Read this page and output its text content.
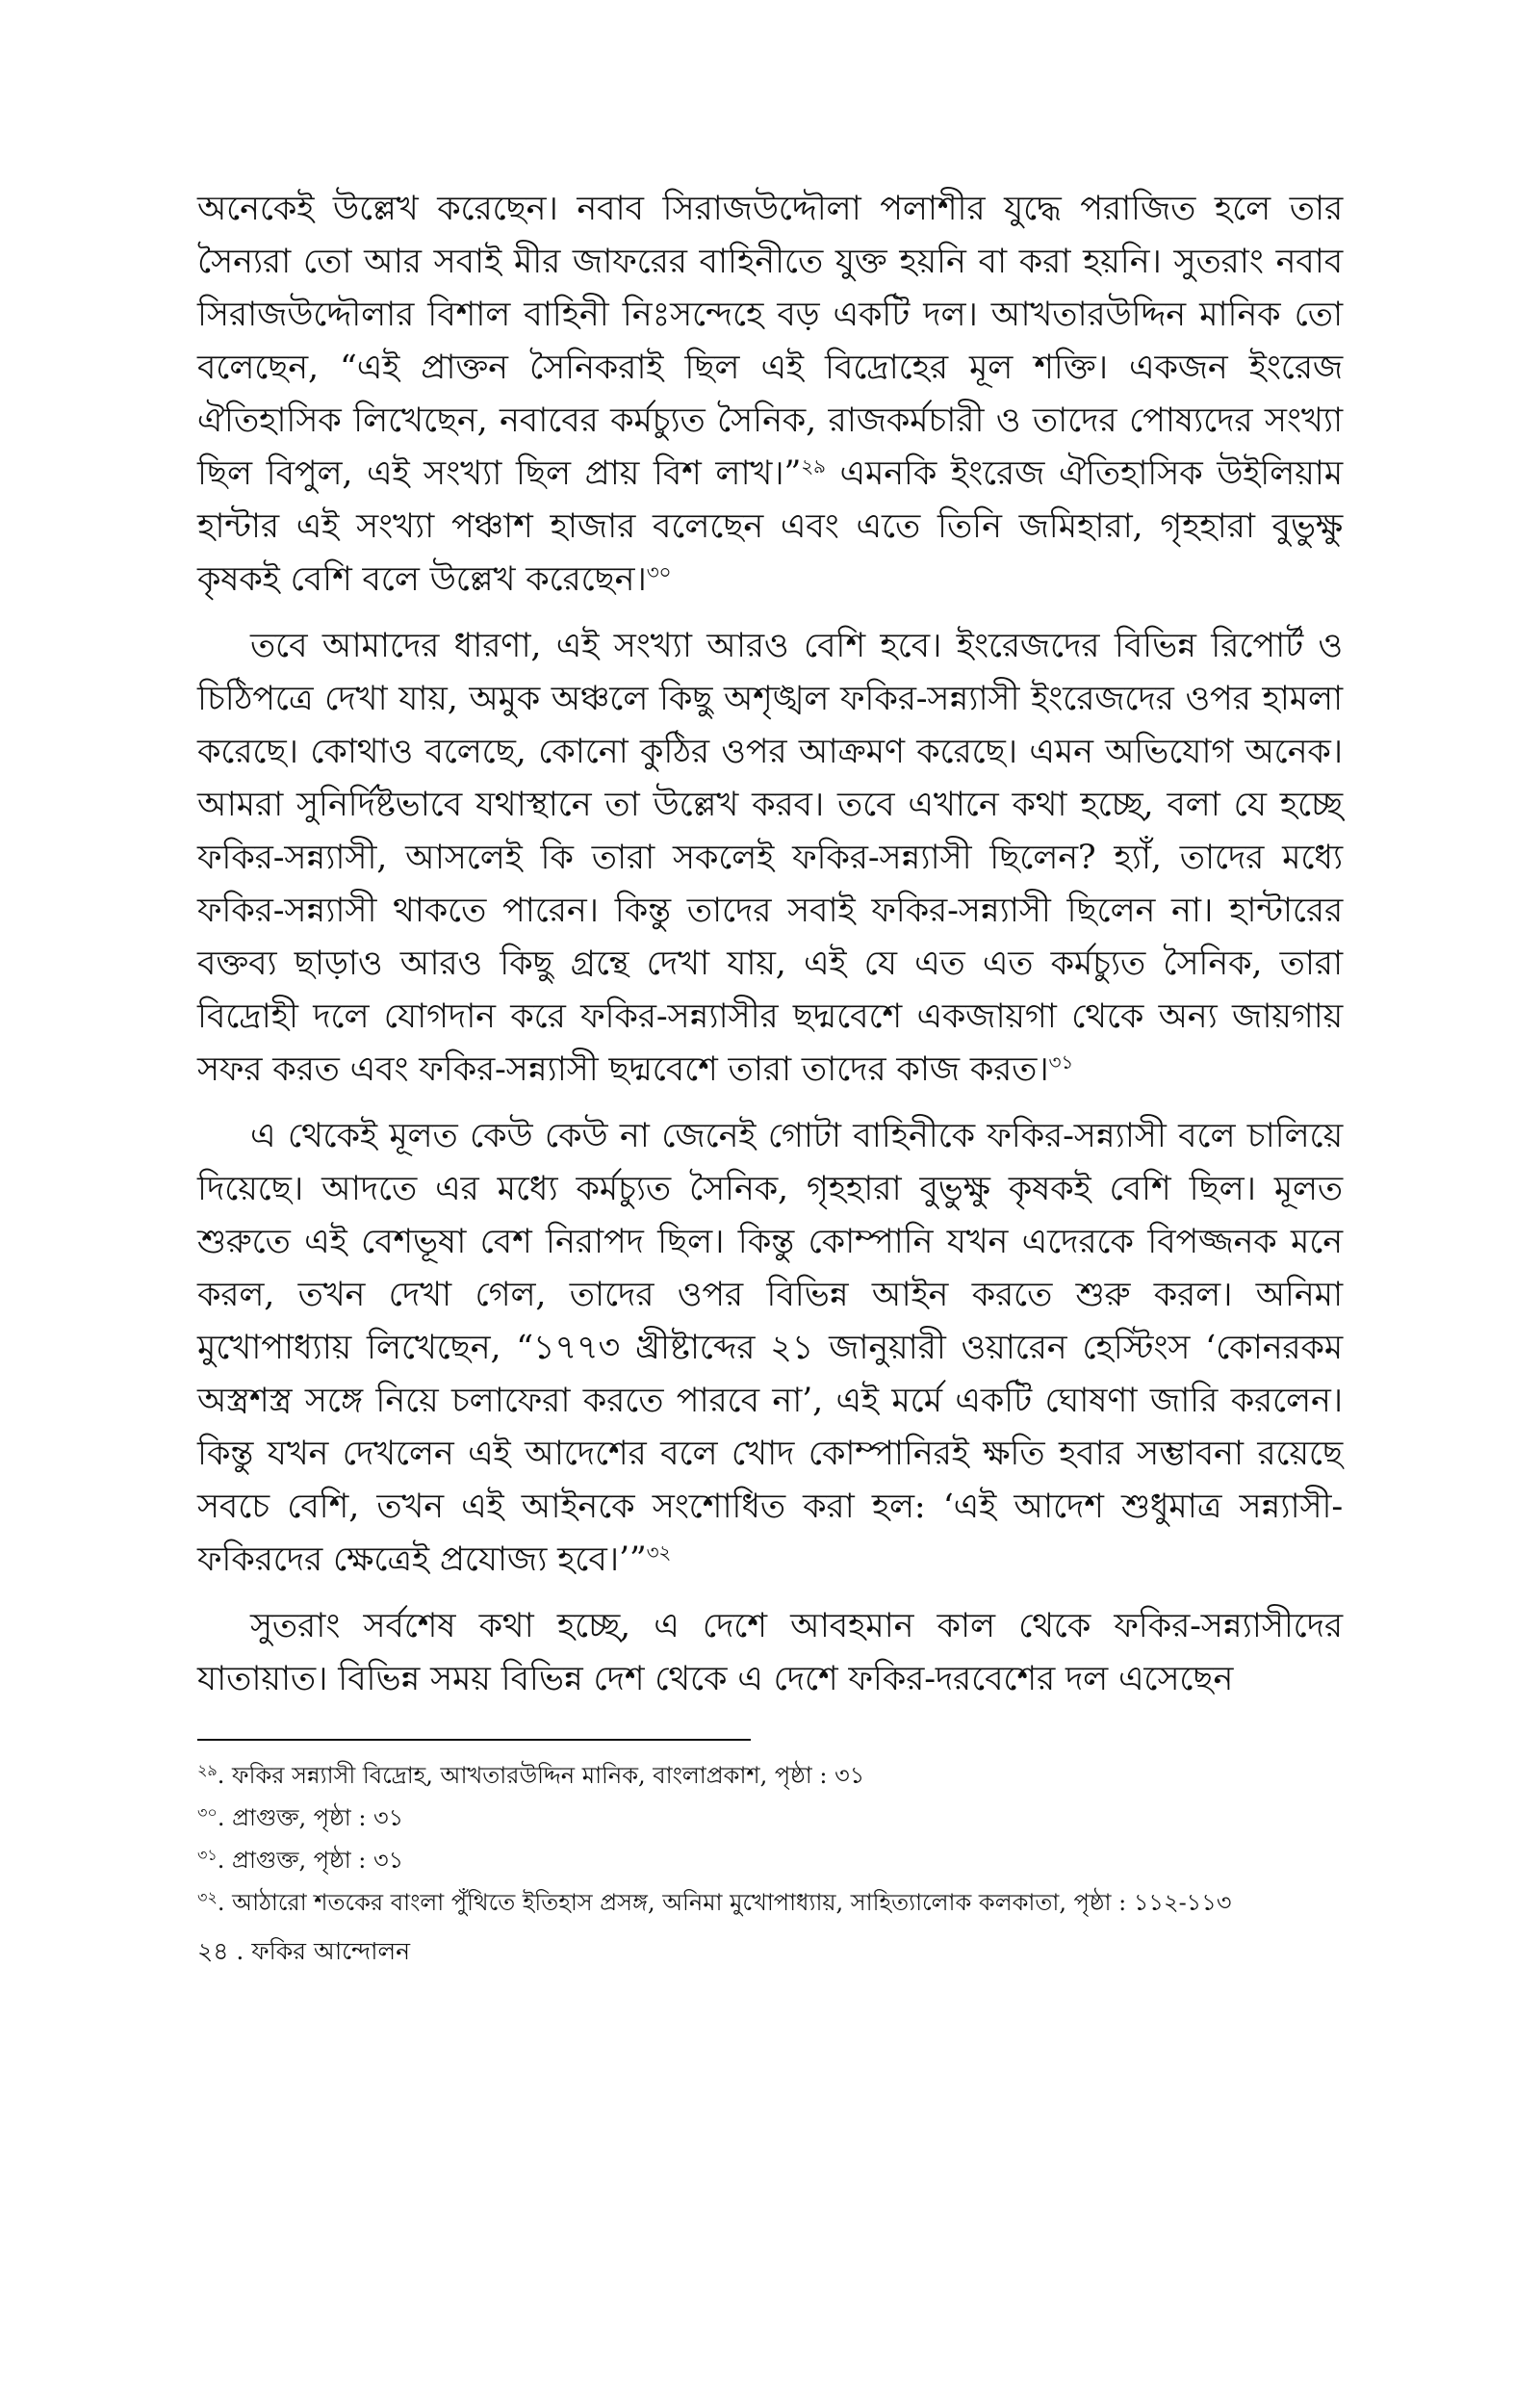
অনেকেই উল্লেখ করেছেন। নবাব সিরাজউদ্দৌলা পলাশীর যুদ্ধে পরাজিত হলে তার সৈন্যরা তো আর সবাই মীর জাফরের বাহিনীতে যুক্ত হয়নি বা করা হয়নি। সুতরাং নবাব সিরাজউদ্দৌলার বিশাল বাহিনী নিঃসন্দেহে বড় একটি দল। আখতারউদ্দিন মানিক তো বলেছেন, “এই প্রাক্তন সৈনিকরাই ছিল এই বিদ্রোহের মূল শক্তি। একজন ইংরেজ ঐতিহাসিক লিখেছেন, নবাবের কর্মচ্যুত সৈনিক, রাজকর্মচারী ও তাদের পোষ্যদের সংখ্যা ছিল বিপুল, এই সংখ্যা ছিল প্রায় বিশ লাখ।”$^{২৯}$ এমনকি ইংরেজ ঐতিহাসিক উইলিয়াম হান্টার এই সংখ্যা পঞ্চাশ হাজার বলেছেন এবং এতে তিনি জমিহারা, গৃহহারা বুভুক্ষু কৃষকই বেশি বলে উল্লেখ করেছেন।$^{৩০}$

তবে আমাদের ধারণা, এই সংখ্যা আরও বেশি হবে। ইংরেজদের বিভিন্ন রিপোর্ট ও চিঠিপত্রে দেখা যায়, অমুক অঞ্চলে কিছু অশৃঙ্খল ফকির-সন্ন্যাসী ইংরেজদের ওপর হামলা করেছে। কোথাও বলেছে, কোনো কুঠির ওপর আক্রমণ করেছে। এমন অভিযোগ অনেক। আমরা সুনির্দিষ্টভাবে যথাস্থানে তা উল্লেখ করব। তবে এখানে কথা হচ্ছে, বলা যে হচ্ছে ফকির-সন্ন্যাসী, আসলেই কি তারা সকলেই ফকির-সন্ন্যাসী ছিলেন? হ্যাঁ, তাদের মধ্যে ফকির-সন্ন্যাসী থাকতে পারেন। কিন্তু তাদের সবাই ফকির-সন্ন্যাসী ছিলেন না। হান্টারের বক্তব্য ছাড়াও আরও কিছু গ্রন্থে দেখা যায়, এই যে এত এত কর্মচ্যুত সৈনিক, তারা বিদ্রোহী দলে যোগদান করে ফকির-সন্ন্যাসীর ছদ্মবেশে একজায়গা থেকে অন্য জায়গায় সফর করত এবং ফকির-সন্ন্যাসী ছদ্মবেশে তারা তাদের কাজ করত।$^{৩১}$

এ থেকেই মূলত কেউ কেউ না জেনেই গোটা বাহিনীকে ফকির-সন্ন্যাসী বলে চালিয়ে দিয়েছে। আদতে এর মধ্যে কর্মচ্যুত সৈনিক, গৃহহারা বুভুক্ষু কৃষকই বেশি ছিল। মূলত শুরুতে এই বেশভূষা বেশ নিরাপদ ছিল। কিন্তু কোম্পানি যখন এদেরকে বিপজ্জনক মনে করল, তখন দেখা গেল, তাদের ওপর বিভিন্ন আইন করতে শুরু করল। অনিমা মুখোপাধ্যায় লিখেছেন, “১৭৭৩ খ্রীষ্টাব্দের ২১ জানুয়ারী ওয়ারেন হেস্টিংস ‘কোনরকম অস্ত্রশস্ত্র সঙ্গে নিয়ে চলাফেরা করতে পারবে না’, এই মর্মে একটি ঘোষণা জারি করলেন। কিন্তু যখন দেখলেন এই আদেশের বলে খোদ কোম্পানিরই ক্ষতি হবার সম্ভাবনা রয়েছে সবচে বেশি, তখন এই আইনকে সংশোধিত করা হল: ‘এই আদেশ শুধুমাত্র সন্ন্যাসী-ফকিরদের ক্ষেত্রেই প্রযোজ্য হবে।’”$^{৩২}$

সুতরাং সর্বশেষ কথা হচ্ছে, এ দেশে আবহমান কাল থেকে ফকির-সন্ন্যাসীদের যাতায়াত। বিভিন্ন সময় বিভিন্ন দেশ থেকে এ দেশে ফকির-দরবেশের দল এসেছেন

$^{২৯}$. ফকির সন্ন্যাসী বিদ্রোহ, আখতারউদ্দিন মানিক, বাংলাপ্রকাশ, পৃষ্ঠা : ৩১

$^{৩০}$. প্রাগুক্ত, পৃষ্ঠা : ৩১

$^{৩১}$. প্রাগুক্ত, পৃষ্ঠা : ৩১

$^{৩২}$. আঠারো শতকের বাংলা পুঁথিতে ইতিহাস প্রসঙ্গ, অনিমা মুখোপাধ্যায়, সাহিত্যালোক কলকাতা, পৃষ্ঠা : ১১২-১১৩

২৪ . ফকির আন্দোলন
